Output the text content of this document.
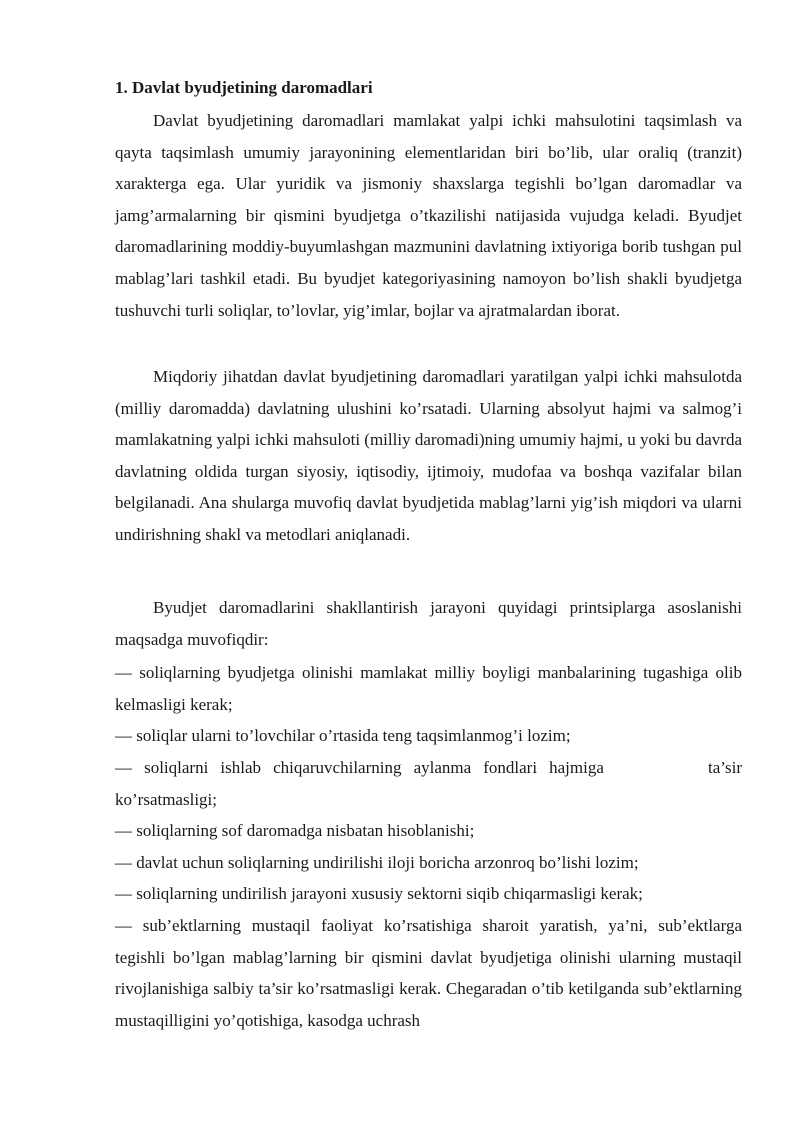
1. Davlat byudjetining daromadlari

Davlat byudjetining daromadlari mamlakat yalpi ichki mahsulotini taqsimlash va qayta taqsimlash umumiy jarayonining elementlaridan biri bo’lib, ular oraliq (tranzit) xarakterga ega. Ular yuridik va jismoniy shaxslarga tegishli bo’lgan daromadlar va jamg’armalarning bir qismini byudjetga o’tkazilishi natijasida vujudga keladi. Byudjet daromadlarining moddiy-buyumlashgan mazmunini davlatning ixtiyoriga borib tushgan pul mablag’lari tashkil etadi. Bu byudjet kategoriyasining namoyon bo’lish shakli byudjetga tushuvchi turli soliqlar, to’lovlar, yig’imlar, bojlar va ajratmalardan iborat.

Miqdoriy jihatdan davlat byudjetining daromadlari yaratilgan yalpi ichki mahsulotda (milliy daromadda) davlatning ulushini ko’rsatadi. Ularning absolyut hajmi va salmog’i mamlakatning yalpi ichki mahsuloti (milliy daromadi)ning umumiy hajmi, u yoki bu davrda davlatning oldida turgan siyosiy, iqtisodiy, ijtimoiy, mudofaa va boshqa vazifalar bilan belgilanadi. Ana shularga muvofiq davlat byudjetida mablag’larni yig’ish miqdori va ularni undirishning shakl va metodlari aniqlanadi.

Byudjet daromadlarini shakllantirish jarayoni quyidagi printsiplarga asoslanishi maqsadga muvofiqdir:

— soliqlarning byudjetga olinishi mamlakat milliy boyligi manbalarining tugashiga olib kelmasligi kerak;

— soliqlar ularni to’lovchilar o’rtasida teng taqsimlanmog’i lozim;

— soliqlarni ishlab chiqaruvchilarning aylanma fondlari hajmiga	ta’sir ko’rsatmasligi;

— soliqlarning sof daromadga nisbatan hisoblanishi;

— davlat uchun soliqlarning undirilishi iloji boricha arzonroq bo’lishi lozim;

— soliqlarning undirilish jarayoni xususiy sektorni siqib chiqarmasligi kerak;

— sub’ektlarning mustaqil faoliyat ko’rsatishiga sharoit yaratish, ya’ni, sub’ektlarga tegishli bo’lgan mablag’larning bir qismini davlat byudjetiga olinishi ularning mustaqil rivojlanishiga salbiy ta’sir ko’rsatmasligi kerak. Chegaradan o’tib ketilganda sub’ektlarning mustaqilligini yo’qotishiga, kasodga uchrash
